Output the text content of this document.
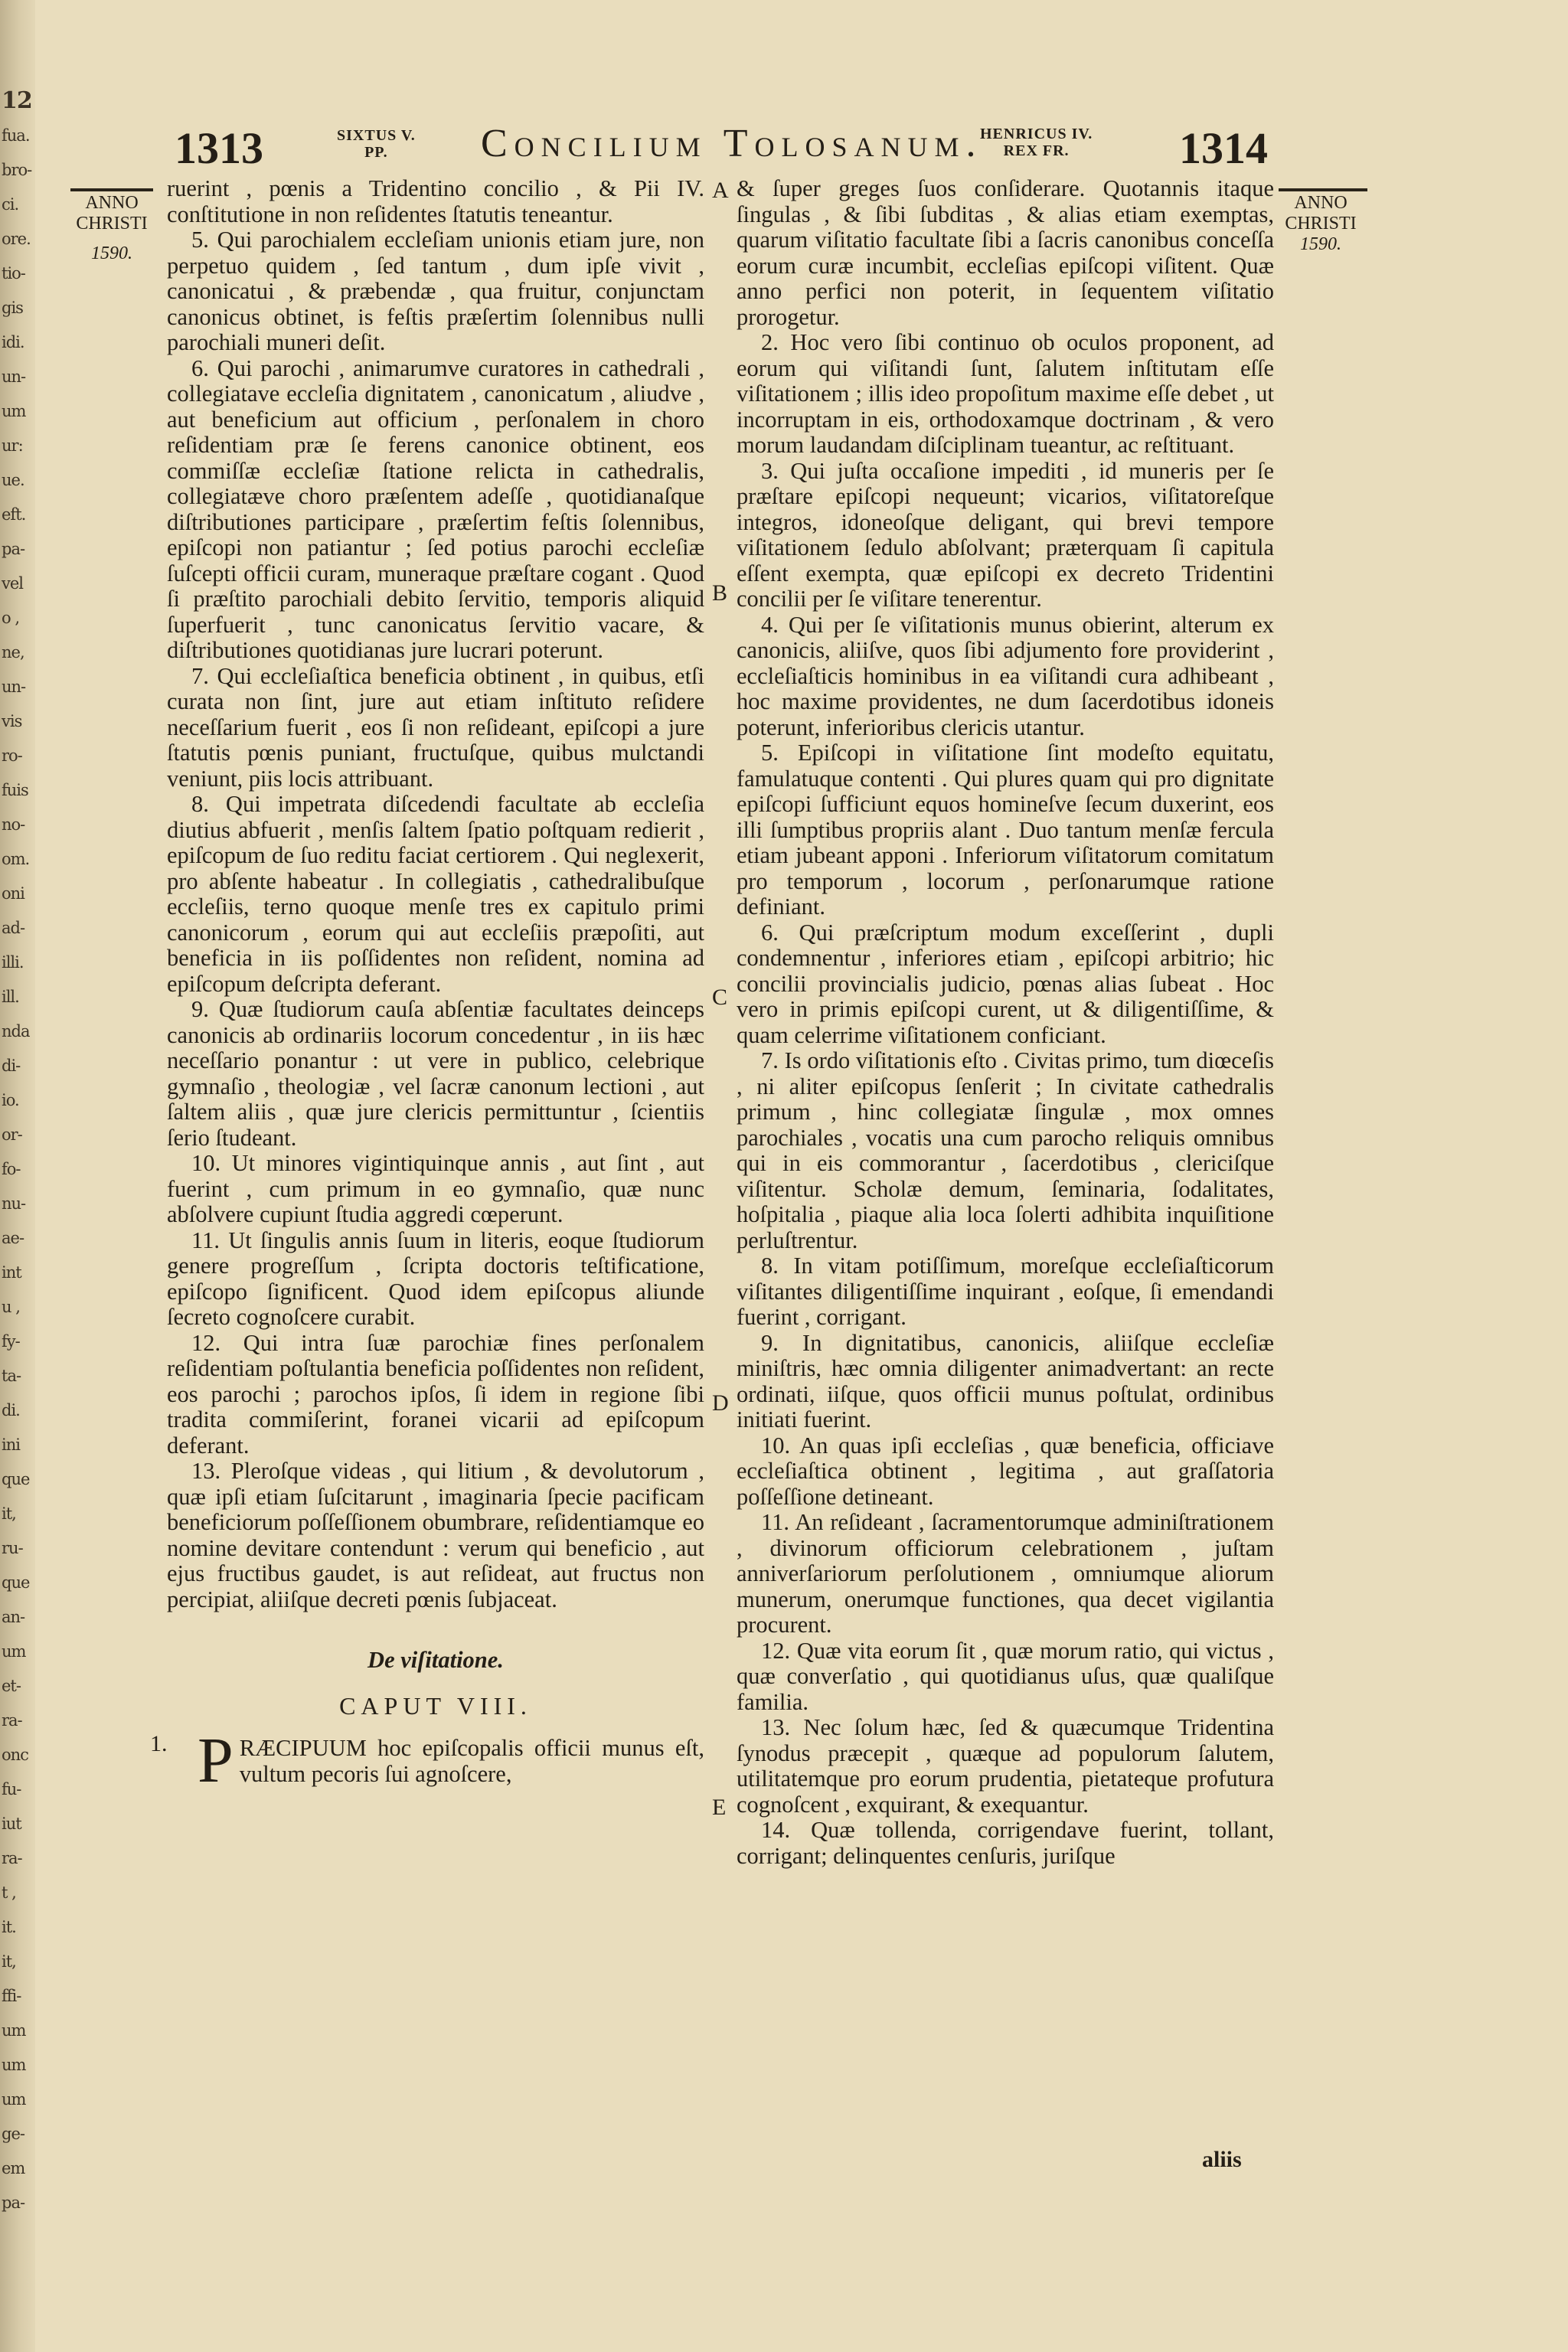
12
fua.
bro-
ci.
ore.
tio-
gis
idi.
un-
um
ur:
ue.
eft.
pa-
vel
o ,
ne,
un-
vis
ro-
fuis
no-
om.
oni
ad-
illi.
ill.
nda
di-
io.
or-
fo-
nu-
ae-
int
u ,
fy-
ta-
di.
ini
que
it,
ru-
que
an-
um
et-
ra-
onc
fu-
iut
ra-
t ,
it.
it,
ffi-
um
um
um
ge-
em
pa-
1313	SIXTUS V.
PP.	Concilium Tolosanum.
HENRICUS IV.
REX FR.	1314
ANNO
CHRISTI
1590.
ANNO
CHRISTI
1590.
A
B
C
D
E

ruerint , pœnis a Tridentino concilio , & Pii IV. conſtitutione in non reſidentes ſtatutis teneantur.

5. Qui parochialem eccleſiam unionis etiam jure, non perpetuo quidem , ſed tantum , dum ipſe vivit , canonicatui , & præbendæ , qua fruitur, conjunctam canonicus obtinet, is feſtis præſertim ſolennibus nulli parochiali muneri deſit.

6. Qui parochi , animarumve curatores in cathedrali , collegiatave eccleſia dignitatem , canonicatum , aliudve , aut beneficium aut officium , perſonalem in choro reſidentiam præ ſe ferens canonice obtinent, eos commiſſæ eccleſiæ ſtatione relicta in cathedralis, collegiatæve choro præſentem adeſſe , quotidianaſque diſtributiones participare , præſertim feſtis ſolennibus, epiſcopi non patiantur ; ſed potius parochi eccleſiæ ſuſcepti officii curam, muneraque præſtare cogant . Quod ſi præſtito parochiali debito ſervitio, temporis aliquid ſuperfuerit , tunc canonicatus ſervitio vacare, & diſtributiones quotidianas jure lucrari poterunt.

7. Qui eccleſiaſtica beneficia obtinent , in quibus, etſi curata non ſint, jure aut etiam inſtituto reſidere neceſſarium fuerit , eos ſi non reſideant, epiſcopi a jure ſtatutis pœnis puniant, fructuſque, quibus mulctandi veniunt, piis locis attribuant.

8. Qui impetrata diſcedendi facultate ab eccleſia diutius abfuerit , menſis ſaltem ſpatio poſtquam redierit , epiſcopum de ſuo reditu faciat certiorem . Qui neglexerit, pro abſente habeatur . In collegiatis , cathedralibuſque eccleſiis, terno quoque menſe tres ex capitulo primi canonicorum , eorum qui aut eccleſiis præpoſiti, aut beneficia in iis poſſidentes non reſident, nomina ad epiſcopum deſcripta deferant.

9. Quæ ſtudiorum cauſa abſentiæ facultates deinceps canonicis ab ordinariis locorum concedentur , in iis hæc neceſſario ponantur : ut vere in publico, celebrique gymnaſio , theologiæ , vel ſacræ canonum lectioni , aut ſaltem aliis , quæ jure clericis permittuntur , ſcientiis ſerio ſtudeant.

10. Ut minores vigintiquinque annis , aut ſint , aut fuerint , cum primum in eo gymnaſio, quæ nunc abſolvere cupiunt ſtudia aggredi cœperunt.

11. Ut ſingulis annis ſuum in literis, eoque ſtudiorum genere progreſſum , ſcripta doctoris teſtificatione, epiſcopo ſignificent. Quod idem epiſcopus aliunde ſecreto cognoſcere curabit.

12. Qui intra ſuæ parochiæ fines perſonalem reſidentiam poſtulantia beneficia poſſidentes non reſident, eos parochi ; parochos ipſos, ſi idem in regione ſibi tradita commiſerint, foranei vicarii ad epiſcopum deferant.

13. Pleroſque videas , qui litium , & devolutorum , quæ ipſi etiam ſuſcitarunt , imaginaria ſpecie pacificam beneficiorum poſſeſſionem obumbrare, reſidentiamque eo nomine devitare contendunt : verum qui beneficio , aut ejus fructibus gaudet, is aut reſideat, aut fructus non percipiat, aliiſque decreti pœnis ſubjaceat.

De viſitatione.

CAPUT VIII.

PRÆCIPUUM hoc epiſcopalis officii munus eſt, vultum pecoris ſui agnoſcere,

1.

& ſuper greges ſuos conſiderare. Quotannis itaque ſingulas , & ſibi ſubditas , & alias etiam exemptas, quarum viſitatio facultate ſibi a ſacris canonibus conceſſa eorum curæ incumbit, eccleſias epiſcopi viſitent. Quæ anno perfici non poterit, in ſequentem viſitatio prorogetur.

2. Hoc vero ſibi continuo ob oculos proponent, ad eorum qui viſitandi ſunt, ſalutem inſtitutam eſſe viſitationem ; illis ideo propoſitum maxime eſſe debet , ut incorruptam in eis, orthodoxamque doctrinam , & vero morum laudandam diſciplinam tueantur, ac reſtituant.

3. Qui juſta occaſione impediti , id muneris per ſe præſtare epiſcopi nequeunt; vicarios, viſitatoreſque integros, idoneoſque deligant, qui brevi tempore viſitationem ſedulo abſolvant; præterquam ſi capitula eſſent exempta, quæ epiſcopi ex decreto Tridentini concilii per ſe viſitare tenerentur.

4. Qui per ſe viſitationis munus obierint, alterum ex canonicis, aliiſve, quos ſibi adjumento fore providerint , eccleſiaſticis hominibus in ea viſitandi cura adhibeant , hoc maxime providentes, ne dum ſacerdotibus idoneis poterunt, inferioribus clericis utantur.

5. Epiſcopi in viſitatione ſint modeſto equitatu, famulatuque contenti . Qui plures quam qui pro dignitate epiſcopi ſufficiunt equos homineſve ſecum duxerint, eos illi ſumptibus propriis alant . Duo tantum menſæ fercula etiam jubeant apponi . Inferiorum viſitatorum comitatum pro temporum , locorum , perſonarumque ratione definiant.

6. Qui præſcriptum modum exceſſerint , dupli condemnentur , inferiores etiam , epiſcopi arbitrio; hic concilii provincialis judicio, pœnas alias ſubeat . Hoc vero in primis epiſcopi curent, ut & diligentiſſime, & quam celerrime viſitationem conficiant.

7. Is ordo viſitationis eſto . Civitas primo, tum diœceſis , ni aliter epiſcopus ſenſerit ; In civitate cathedralis primum , hinc collegiatæ ſingulæ , mox omnes parochiales , vocatis una cum parocho reliquis omnibus qui in eis commorantur , ſacerdotibus , clericiſque viſitentur. Scholæ demum, ſeminaria, ſodalitates, hoſpitalia , piaque alia loca ſolerti adhibita inquiſitione perluſtrentur.

8. In vitam potiſſimum, moreſque eccleſiaſticorum viſitantes diligentiſſime inquirant , eoſque, ſi emendandi fuerint , corrigant.

9. In dignitatibus, canonicis, aliiſque eccleſiæ miniſtris, hæc omnia diligenter animadvertant: an recte ordinati, iiſque, quos officii munus poſtulat, ordinibus initiati fuerint.

10. An quas ipſi eccleſias , quæ beneficia, officiave eccleſiaſtica obtinent , legitima , aut graſſatoria poſſeſſione detineant.

11. An reſideant , ſacramentorumque adminiſtrationem , divinorum officiorum celebrationem , juſtam anniverſariorum perſolutionem , omniumque aliorum munerum, onerumque functiones, qua decet vigilantia procurent.

12. Quæ vita eorum ſit , quæ morum ratio, qui victus , quæ converſatio , qui quotidianus uſus, quæ qualiſque familia.

13. Nec ſolum hæc, ſed & quæcumque Tridentina ſynodus præcepit , quæque ad populorum ſalutem, utilitatemque pro eorum prudentia, pietateque profutura cognoſcent , exquirant, & exequantur.

14. Quæ tollenda, corrigendave fuerint, tollant, corrigant; delinquentes cenſuris, juriſque

aliis
